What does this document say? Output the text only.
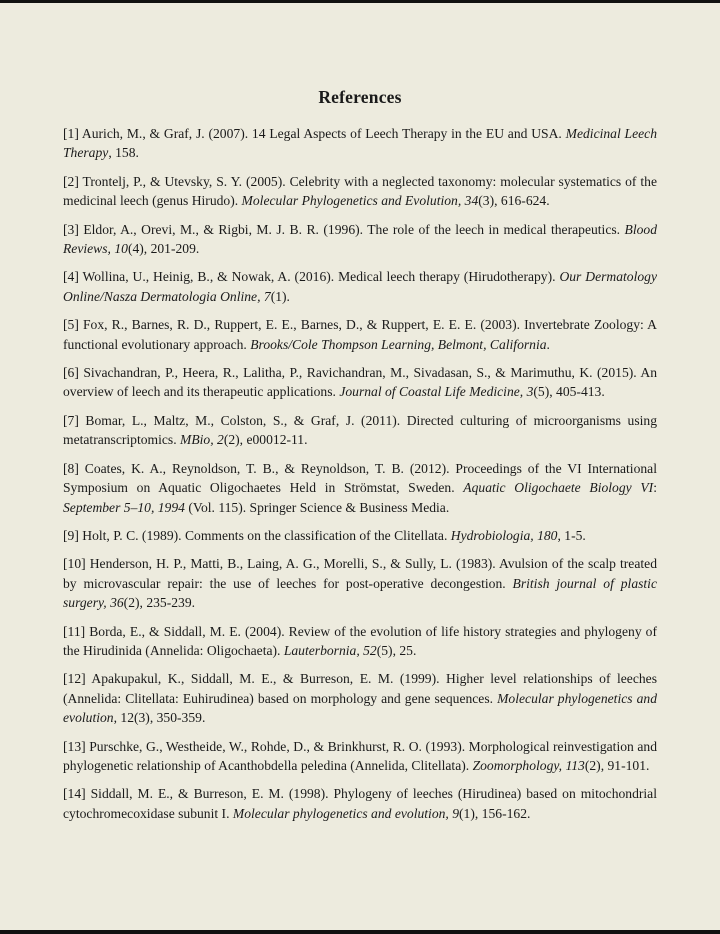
References

[1] Aurich, M., & Graf, J. (2007). 14 Legal Aspects of Leech Therapy in the EU and USA. Medicinal Leech Therapy, 158.

[2] Trontelj, P., & Utevsky, S. Y. (2005). Celebrity with a neglected taxonomy: molecular systematics of the medicinal leech (genus Hirudo). Molecular Phylogenetics and Evolution, 34(3), 616-624.

[3] Eldor, A., Orevi, M., & Rigbi, M. J. B. R. (1996). The role of the leech in medical therapeutics. Blood Reviews, 10(4), 201-209.

[4] Wollina, U., Heinig, B., & Nowak, A. (2016). Medical leech therapy (Hirudotherapy). Our Dermatology Online/Nasza Dermatologia Online, 7(1).

[5] Fox, R., Barnes, R. D., Ruppert, E. E., Barnes, D., & Ruppert, E. E. E. (2003). Invertebrate Zoology: A functional evolutionary approach. Brooks/Cole Thompson Learning, Belmont, California.

[6] Sivachandran, P., Heera, R., Lalitha, P., Ravichandran, M., Sivadasan, S., & Marimuthu, K. (2015). An overview of leech and its therapeutic applications. Journal of Coastal Life Medicine, 3(5), 405-413.

[7] Bomar, L., Maltz, M., Colston, S., & Graf, J. (2011). Directed culturing of microorganisms using metatranscriptomics. MBio, 2(2), e00012-11.

[8] Coates, K. A., Reynoldson, T. B., & Reynoldson, T. B. (2012). Proceedings of the VI International Symposium on Aquatic Oligochaetes Held in Strömstat, Sweden. Aquatic Oligochaete Biology VI: September 5–10, 1994 (Vol. 115). Springer Science & Business Media.

[9] Holt, P. C. (1989). Comments on the classification of the Clitellata. Hydrobiologia, 180, 1-5.

[10] Henderson, H. P., Matti, B., Laing, A. G., Morelli, S., & Sully, L. (1983). Avulsion of the scalp treated by microvascular repair: the use of leeches for post-operative decongestion. British journal of plastic surgery, 36(2), 235-239.

[11] Borda, E., & Siddall, M. E. (2004). Review of the evolution of life history strategies and phylogeny of the Hirudinida (Annelida: Oligochaeta). Lauterbornia, 52(5), 25.

[12] Apakupakul, K., Siddall, M. E., & Burreson, E. M. (1999). Higher level relationships of leeches (Annelida: Clitellata: Euhirudinea) based on morphology and gene sequences. Molecular phylogenetics and evolution, 12(3), 350-359.

[13] Purschke, G., Westheide, W., Rohde, D., & Brinkhurst, R. O. (1993). Morphological reinvestigation and phylogenetic relationship of Acanthobdella peledina (Annelida, Clitellata). Zoomorphology, 113(2), 91-101.

[14] Siddall, M. E., & Burreson, E. M. (1998). Phylogeny of leeches (Hirudinea) based on mitochondrial cytochromecoxidase subunit I. Molecular phylogenetics and evolution, 9(1), 156-162.
